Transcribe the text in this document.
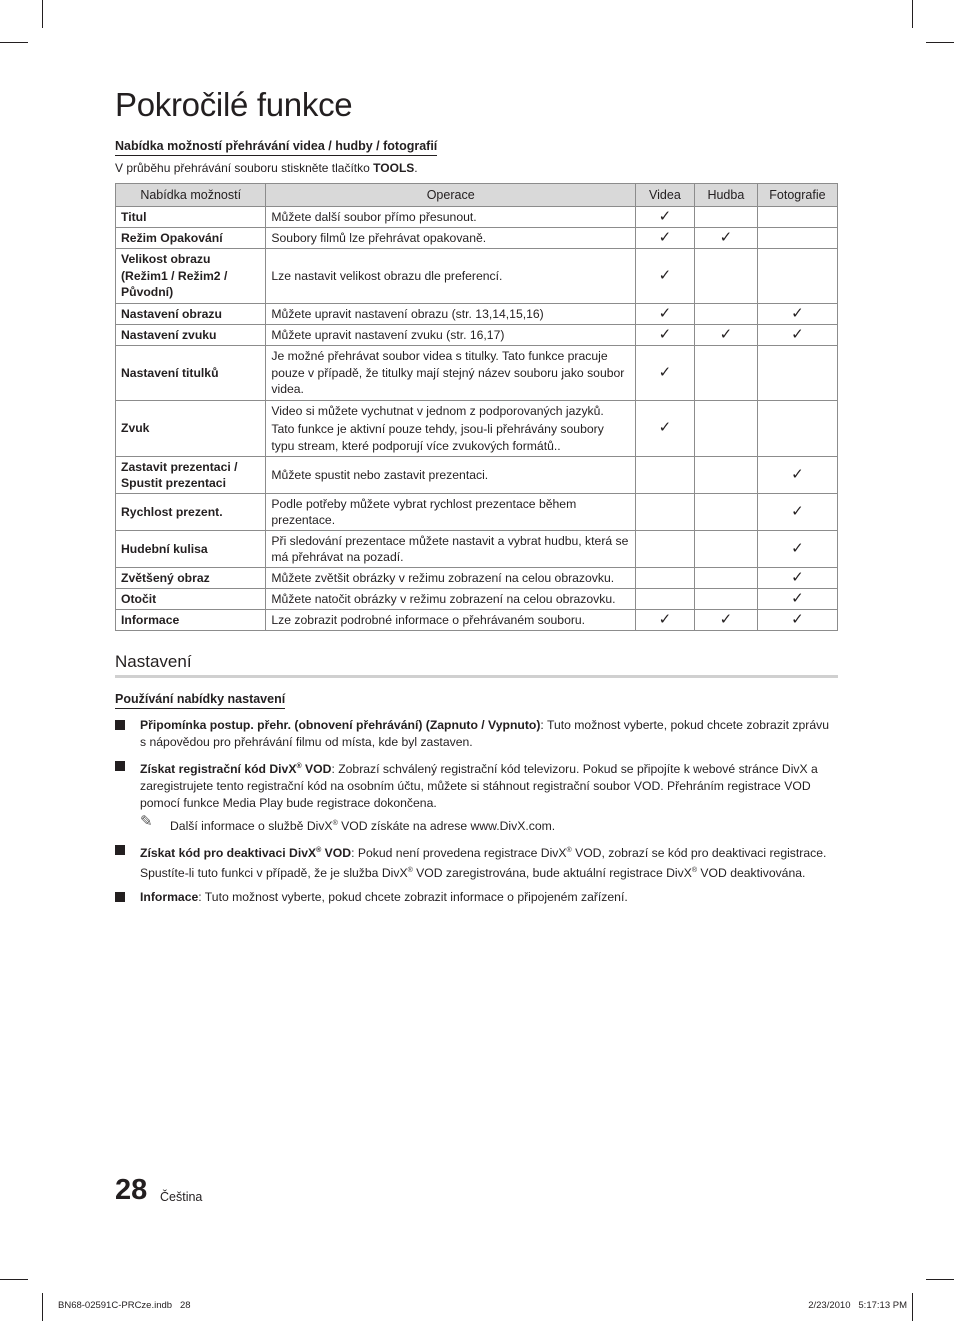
Pokročilé funkce
Nabídka možností přehrávání videa / hudby / fotografií
V průběhu přehrávání souboru stiskněte tlačítko TOOLS.
Nabídka možností	Operace	Videa	Hudba	Fotografie
Titul	Můžete další soubor přímo přesunout.	✓		
Režim Opakování	Soubory filmů lze přehrávat opakovaně.	✓	✓	
Velikost obrazu (Režim1 / Režim2 / Původní)	Lze nastavit velikost obrazu dle preferencí.	✓		
Nastavení obrazu	Můžete upravit nastavení obrazu (str. 13,14,15,16)	✓		✓
Nastavení zvuku	Můžete upravit nastavení zvuku (str. 16,17)	✓	✓	✓
Nastavení titulků	Je možné přehrávat soubor videa s titulky. Tato funkce pracuje pouze v případě, že titulky mají stejný název souboru jako soubor videa.	✓		
Zvuk	Video si můžete vychutnat v jednom z podporovaných jazyků.
Tato funkce je aktivní pouze tehdy, jsou-li přehrávány soubory typu stream, které podporují více zvukových formátů..	✓		
Zastavit prezentaci / Spustit prezentaci	Můžete spustit nebo zastavit prezentaci.			✓
Rychlost prezent.	Podle potřeby můžete vybrat rychlost prezentace během prezentace.			✓
Hudební kulisa	Při sledování prezentace můžete nastavit a vybrat hudbu, která se má přehrávat na pozadí.			✓
Zvětšený obraz	Můžete zvětšit obrázky v režimu zobrazení na celou obrazovku.			✓
Otočit	Můžete natočit obrázky v režimu zobrazení na celou obrazovku.			✓
Informace	Lze zobrazit podrobné informace o přehrávaném souboru.	✓	✓	✓
Nastavení
Používání nabídky nastavení
Připomínka postup. přehr. (obnovení přehrávání) (Zapnuto / Vypnuto): Tuto možnost vyberte, pokud chcete zobrazit zprávu s nápovědou pro přehrávání filmu od místa, kde byl zastaven.
Získat registrační kód DivX® VOD: Zobrazí schválený registrační kód televizoru. Pokud se připojíte k webové stránce DivX a zaregistrujete tento registrační kód na osobním účtu, můžete si stáhnout registrační soubor VOD. Přehráním registrace VOD pomocí funkce Media Play bude registrace dokončena.
✎ Další informace o službě DivX® VOD získáte na adrese www.DivX.com.
Získat kód pro deaktivaci DivX® VOD: Pokud není provedena registrace DivX® VOD, zobrazí se kód pro deaktivaci registrace. Spustíte-li tuto funkci v případě, že je služba DivX® VOD zaregistrována, bude aktuální registrace DivX® VOD deaktivována.
Informace: Tuto možnost vyberte, pokud chcete zobrazit informace o připojeném zařízení.
28 Čeština
BN68-02591C-PRCze.indb   28	2/23/2010   5:17:13 PM
